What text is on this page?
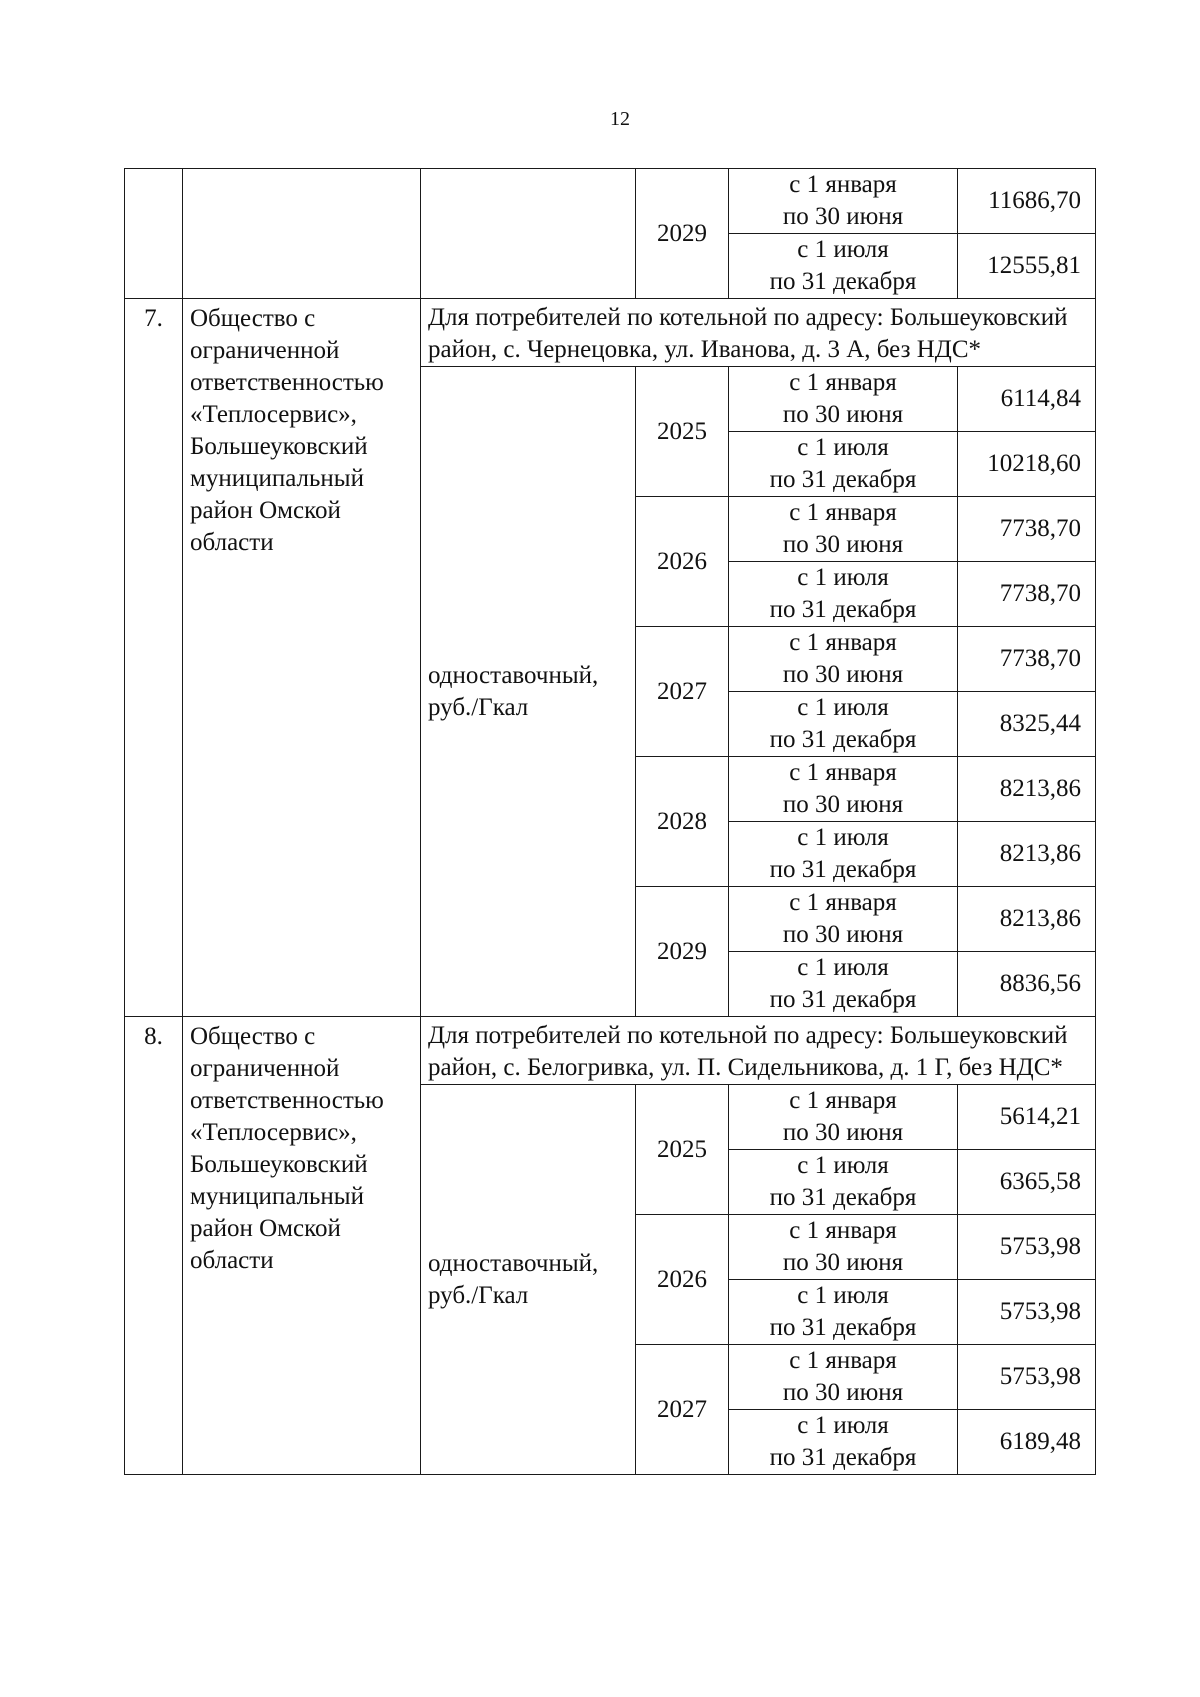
12
			2029	с 1 января
по 30 июня	11686,70

				с 1 июля
по 31 декабря	12555,81
7.	Общество с ограниченной ответственностью «Теплосервис», Большеуковский муниципальный район Омской области	Для потребителей по котельной по адресу: Большеуковский район, с. Чернецовка, ул. Иванова, д. 3 А, без НДС*			
		одноставочный, руб./Гкал	2025	с 1 января
по 30 июня	6114,84

				с 1 июля
по 31 декабря	10218,60
			2026	с 1 января
по 30 июня	7738,70

				с 1 июля
по 31 декабря	7738,70
			2027	с 1 января
по 30 июня	7738,70

				с 1 июля
по 31 декабря	8325,44
			2028	с 1 января
по 30 июня	8213,86

				с 1 июля
по 31 декабря	8213,86
			2029	с 1 января
по 30 июня	8213,86

				с 1 июля
по 31 декабря	8836,56
8.	Общество с ограниченной ответственностью «Теплосервис», Большеуковский муниципальный район Омской области	Для потребителей по котельной по адресу: Большеуковский район, с. Белогривка, ул. П. Сидельникова, д. 1 Г, без НДС*			
		одноставочный, руб./Гкал	2025	с 1 января
по 30 июня	5614,21

				с 1 июля
по 31 декабря	6365,58
			2026	с 1 января
по 30 июня	5753,98

				с 1 июля
по 31 декабря	5753,98
			2027	с 1 января
по 30 июня	5753,98

				с 1 июля
по 31 декабря	6189,48
